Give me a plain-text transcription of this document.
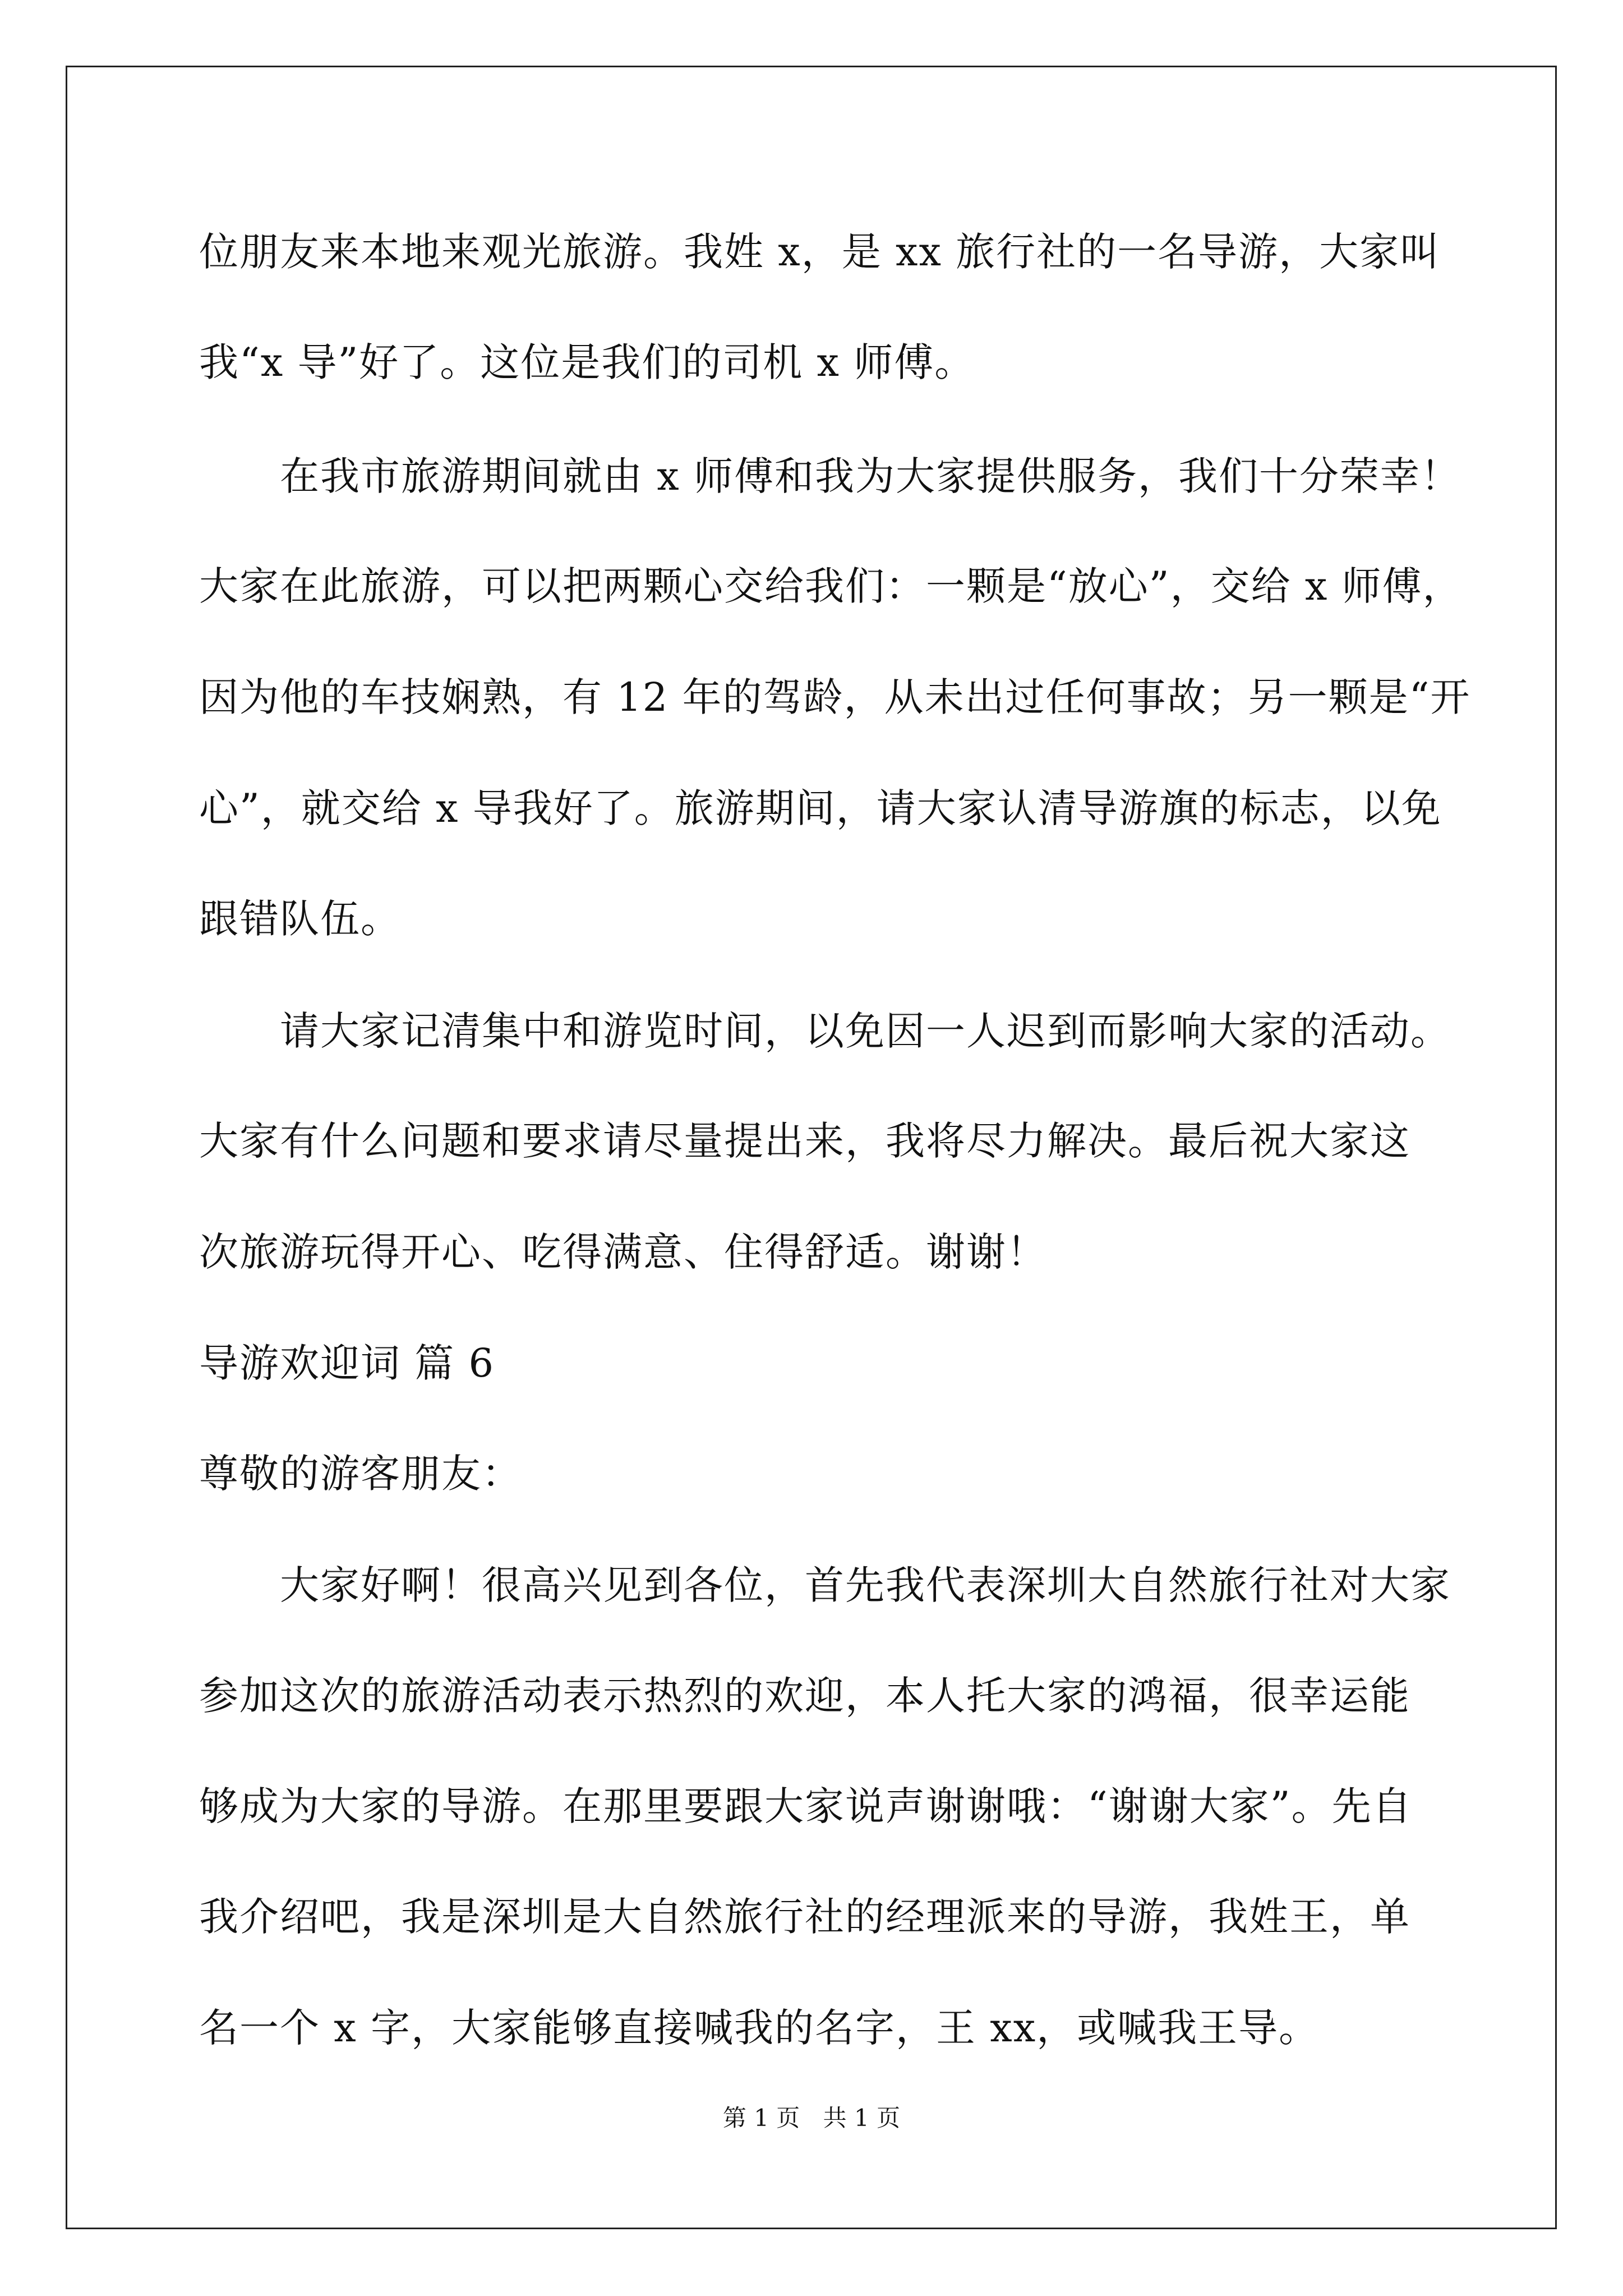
位朋友来本地来观光旅游。我姓 x，是 xx 旅行社的一名导游，大家叫
我“x 导”好了。这位是我们的司机 x 师傅。
在我市旅游期间就由 x 师傅和我为大家提供服务，我们十分荣幸！
大家在此旅游，可以把两颗心交给我们：一颗是“放心”，交给 x 师傅，
因为他的车技娴熟，有 12 年的驾龄，从未出过任何事故；另一颗是“开
心”，就交给 x 导我好了。旅游期间，请大家认清导游旗的标志，以免
跟错队伍。
请大家记清集中和游览时间，以免因一人迟到而影响大家的活动。
大家有什么问题和要求请尽量提出来，我将尽力解决。最后祝大家这
次旅游玩得开心、吃得满意、住得舒适。谢谢！
导游欢迎词 篇 6
尊敬的游客朋友：
大家好啊！很高兴见到各位，首先我代表深圳大自然旅行社对大家
参加这次的旅游活动表示热烈的欢迎，本人托大家的鸿福，很幸运能
够成为大家的导游。在那里要跟大家说声谢谢哦：“谢谢大家”。先自
我介绍吧，我是深圳是大自然旅行社的经理派来的导游，我姓王，单
名一个 x 字，大家能够直接喊我的名字，王 xx，或喊我王导。
第 1 页 共 1 页
